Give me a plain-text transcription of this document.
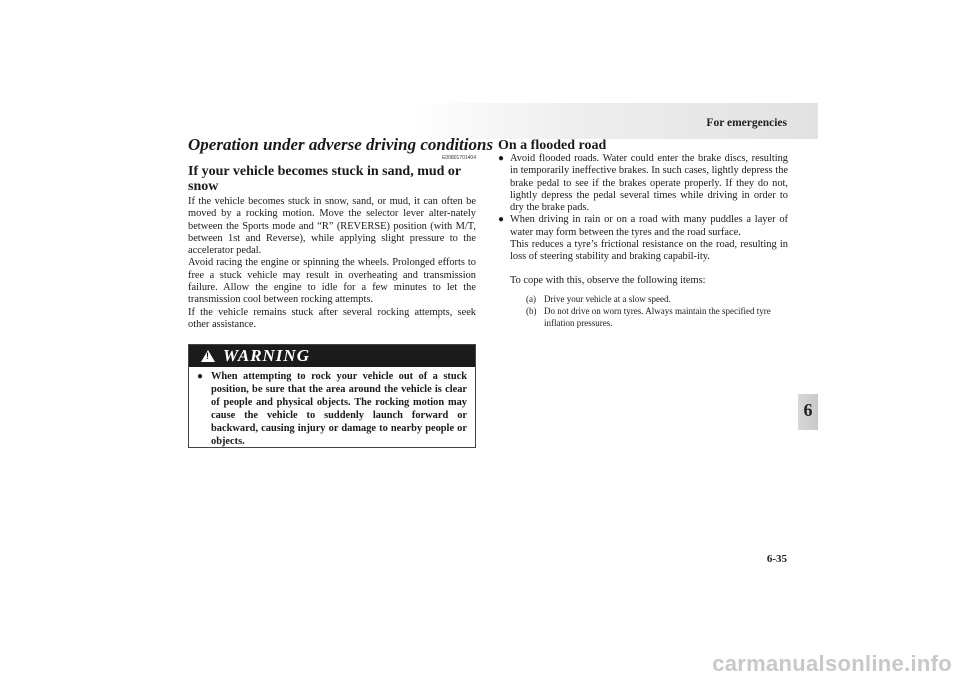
For emergencies
6
6-35
carmanualsonline.info
Operation under adverse driving conditions
E00801701404
If your vehicle becomes stuck in sand, mud or snow

If the vehicle becomes stuck in snow, sand, or mud, it can often be moved by a rocking motion. Move the selector lever alter-nately between the Sports mode and “R” (REVERSE) position (with M/T, between 1st and Reverse), while applying slight pressure to the accelerator pedal.

Avoid racing the engine or spinning the wheels. Prolonged efforts to free a stuck vehicle may result in overheating and transmission failure. Allow the engine to idle for a few minutes to let the transmission cool between rocking attempts.

If the vehicle remains stuck after several rocking attempts, seek other assistance.

!
WARNING
● When attempting to rock your vehicle out of a stuck position, be sure that the area around the vehicle is clear of people and physical objects. The rocking motion may cause the vehicle to suddenly launch forward or backward, causing injury or damage to nearby people or objects.

On a flooded road
● Avoid flooded roads. Water could enter the brake discs, resulting in temporarily ineffective brakes. In such cases, lightly depress the brake pedal to see if the brakes operate properly. If they do not, lightly depress the pedal several times while driving in order to dry the brake pads.

● When driving in rain or on a road with many puddles a layer of water may form between the tyres and the road surface.

This reduces a tyre’s frictional resistance on the road, resulting in loss of steering stability and braking capabil-ity.

To cope with this, observe the following items:

(a) Drive your vehicle at a slow speed.
(b) Do not drive on worn tyres. Always maintain the specified tyre inflation pressures.
